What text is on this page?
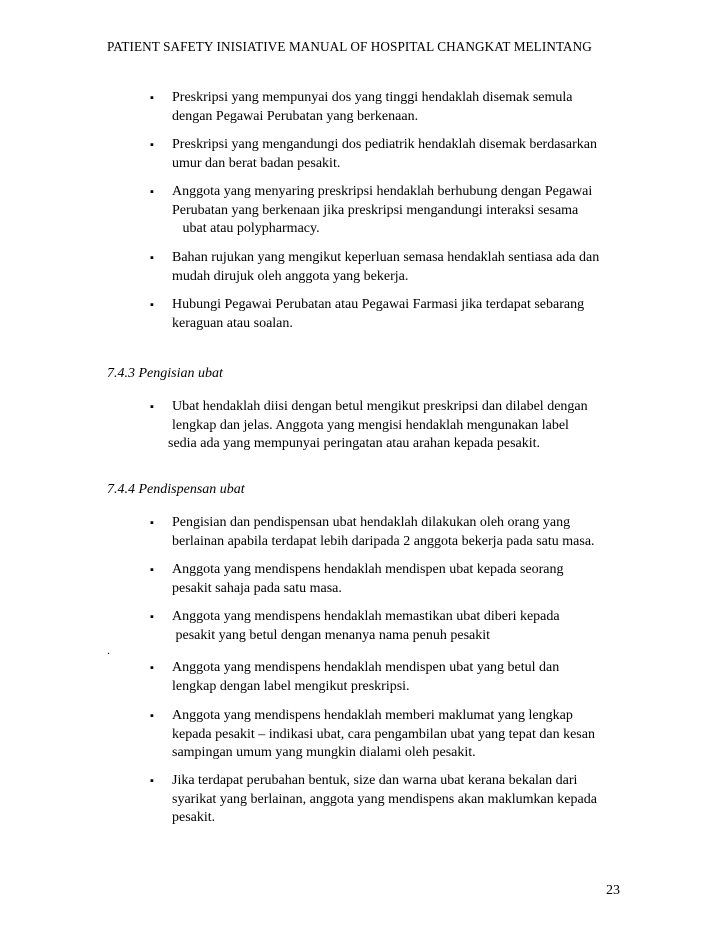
PATIENT SAFETY INISIATIVE MANUAL OF HOSPITAL CHANGKAT MELINTANG
▪	Preskripsi yang mempunyai dos yang tinggi hendaklah disemak semula
dengan Pegawai Perubatan yang berkenaan.
▪	Preskripsi yang mengandungi dos pediatrik hendaklah disemak berdasarkan
umur dan berat badan pesakit.
▪	Anggota yang menyaring preskripsi hendaklah berhubung dengan Pegawai
Perubatan yang berkenaan jika preskripsi mengandungi interaksi sesama
ubat atau polypharmacy.
▪	Bahan rujukan yang mengikut keperluan semasa hendaklah sentiasa ada dan
mudah dirujuk oleh anggota yang bekerja.
▪	Hubungi Pegawai Perubatan atau Pegawai Farmasi jika terdapat sebarang
keraguan atau soalan.
7.4.3 Pengisian ubat
▪	Ubat hendaklah diisi dengan betul mengikut preskripsi dan dilabel dengan
lengkap dan jelas. Anggota yang mengisi hendaklah mengunakan label
sedia ada yang mempunyai peringatan atau arahan kepada pesakit.
7.4.4 Pendispensan ubat
▪	Pengisian dan pendispensan ubat hendaklah dilakukan oleh orang yang
berlainan apabila terdapat lebih daripada 2 anggota bekerja pada satu masa.
▪	Anggota yang mendispens hendaklah mendispen ubat kepada seorang
pesakit sahaja pada satu masa.
▪	Anggota yang mendispens hendaklah memastikan ubat diberi kepada
pesakit yang betul dengan menanya nama penuh pesakit
.
▪	Anggota yang mendispens hendaklah mendispen ubat yang betul dan
lengkap dengan label mengikut preskripsi.
▪	Anggota yang mendispens hendaklah memberi maklumat yang lengkap
kepada pesakit – indikasi ubat, cara pengambilan ubat yang tepat dan kesan
sampingan umum yang mungkin dialami oleh pesakit.
▪	Jika terdapat perubahan bentuk, size dan warna ubat kerana bekalan dari
syarikat yang berlainan, anggota yang mendispens akan maklumkan kepada
pesakit.
23
